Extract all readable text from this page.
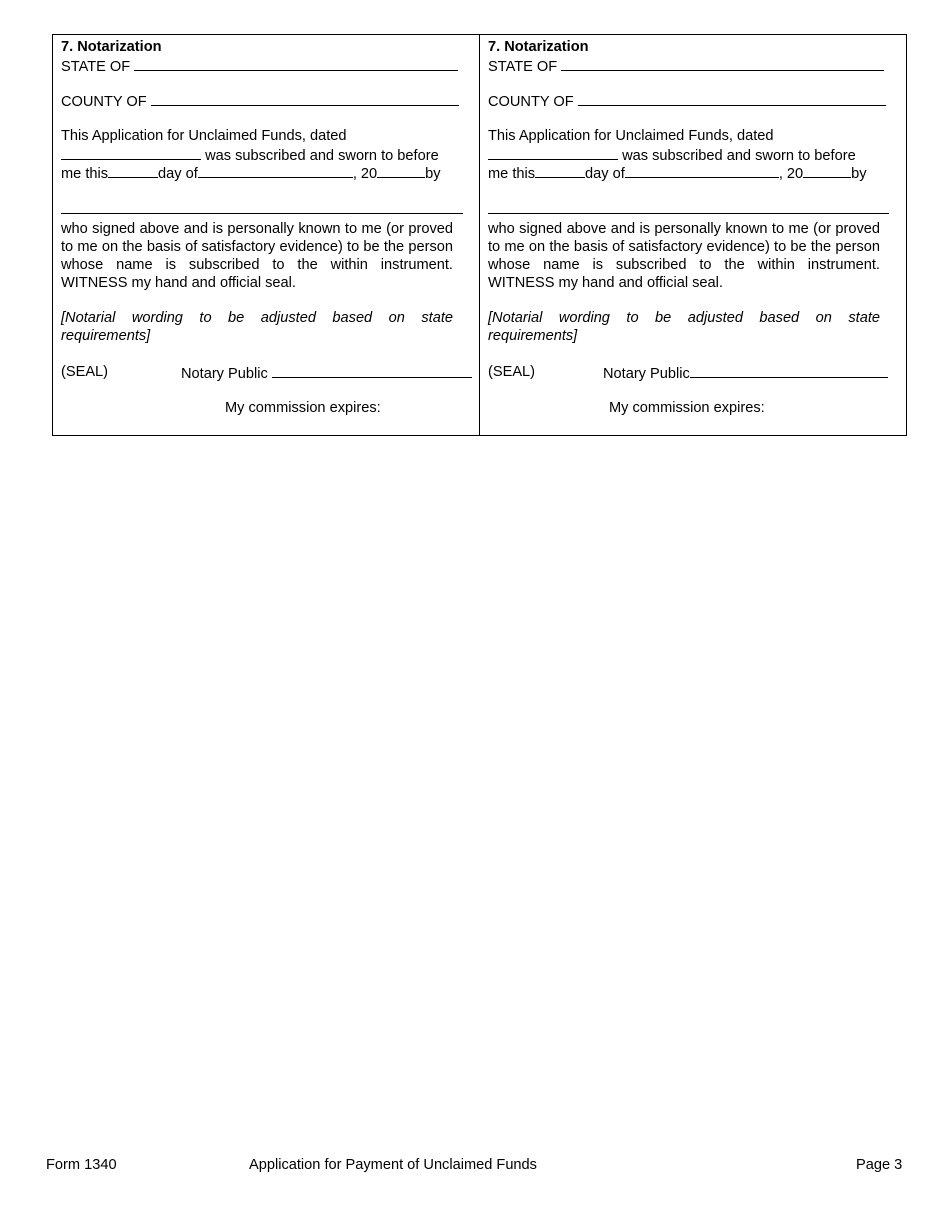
7. Notarization
STATE OF
COUNTY OF
This Application for Unclaimed Funds, dated
was subscribed and sworn to before
me this	day of	, 20	by
who signed above and is personally known to me (or proved to me on the basis of satisfactory evidence) to be the person whose name is subscribed to the within instrument. WITNESS my hand and official seal.
[Notarial wording to be adjusted based on state requirements]
(SEAL)	Notary Public
My commission expires:
7. Notarization
STATE OF
COUNTY OF
This Application for Unclaimed Funds, dated
was subscribed and sworn to before
me this	day of	, 20	by
who signed above and is personally known to me (or proved to me on the basis of satisfactory evidence) to be the person whose name is subscribed to the within instrument. WITNESS my hand and official seal.
[Notarial wording to be adjusted based on state requirements]
(SEAL)	Notary Public
My commission expires:
Form 1340	Application for Payment of Unclaimed Funds	Page 3
